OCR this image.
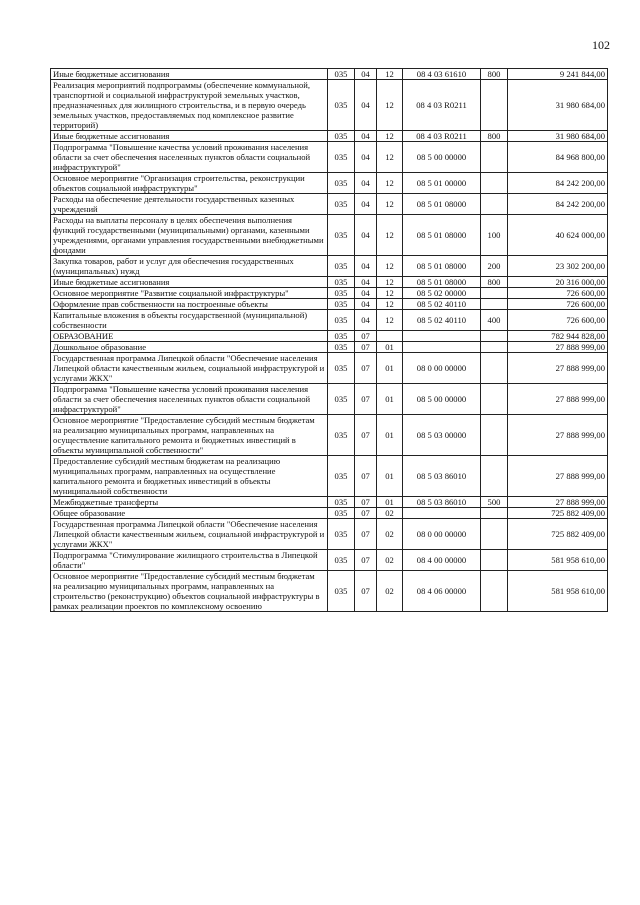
102
Иные бюджетные ассигнования	035	04	12	08 4 03 61610	800	9 241 844,00
Реализация мероприятий подпрограммы (обеспечение коммунальной, транспортной и социальной инфраструктурой земельных участков, предназначенных для жилищного строительства, и в первую очередь земельных участков, предоставляемых под комплексное развитие территорий)	035	04	12	08 4 03 R0211		31 980 684,00
Иные бюджетные ассигнования	035	04	12	08 4 03 R0211	800	31 980 684,00
Подпрограмма "Повышение качества условий проживания населения области за счет обеспечения населенных пунктов области социальной инфраструктурой"	035	04	12	08 5 00 00000		84 968 800,00
Основное мероприятие "Организация строительства, реконструкции объектов социальной инфраструктуры"	035	04	12	08 5 01 00000		84 242 200,00
Расходы на обеспечение деятельности государственных казенных учреждений	035	04	12	08 5 01 08000		84 242 200,00
Расходы на выплаты персоналу в целях обеспечения выполнения функций государственными (муниципальными) органами, казенными учреждениями, органами управления государственными внебюджетными фондами	035	04	12	08 5 01 08000	100	40 624 000,00
Закупка товаров, работ и услуг для обеспечения государственных (муниципальных) нужд	035	04	12	08 5 01 08000	200	23 302 200,00
Иные бюджетные ассигнования	035	04	12	08 5 01 08000	800	20 316 000,00
Основное мероприятие "Развитие социальной инфраструктуры"	035	04	12	08 5 02 00000		726 600,00
Оформление прав собственности на построенные объекты	035	04	12	08 5 02 40110		726 600,00
Капитальные вложения в объекты государственной (муниципальной) собственности	035	04	12	08 5 02 40110	400	726 600,00
ОБРАЗОВАНИЕ	035	07				782 944 828,00
Дошкольное образование	035	07	01			27 888 999,00
Государственная программа Липецкой области "Обеспечение населения Липецкой области качественным жильем, социальной инфраструктурой и услугами ЖКХ"	035	07	01	08 0 00 00000		27 888 999,00
Подпрограмма "Повышение качества условий проживания населения области за счет обеспечения населенных пунктов области социальной инфраструктурой"	035	07	01	08 5 00 00000		27 888 999,00
Основное мероприятие "Предоставление субсидий местным бюджетам на реализацию муниципальных программ, направленных на осуществление капитального ремонта и бюджетных инвестиций в объекты муниципальной собственности"	035	07	01	08 5 03 00000		27 888 999,00
Предоставление субсидий местным бюджетам на реализацию муниципальных программ, направленных на осуществление капитального ремонта и бюджетных инвестиций в объекты муниципальной собственности	035	07	01	08 5 03 86010		27 888 999,00
Межбюджетные трансферты	035	07	01	08 5 03 86010	500	27 888 999,00
Общее образование	035	07	02			725 882 409,00
Государственная программа Липецкой области "Обеспечение населения Липецкой области качественным жильем, социальной инфраструктурой и услугами ЖКХ"	035	07	02	08 0 00 00000		725 882 409,00
Подпрограмма "Стимулирование жилищного строительства в Липецкой области"	035	07	02	08 4 00 00000		581 958 610,00
Основное мероприятие "Предоставление субсидий местным бюджетам на реализацию муниципальных программ, направленных на строительство (реконструкцию) объектов социальной инфраструктуры в рамках реализации проектов по комплексному освоению	035	07	02	08 4 06 00000		581 958 610,00
